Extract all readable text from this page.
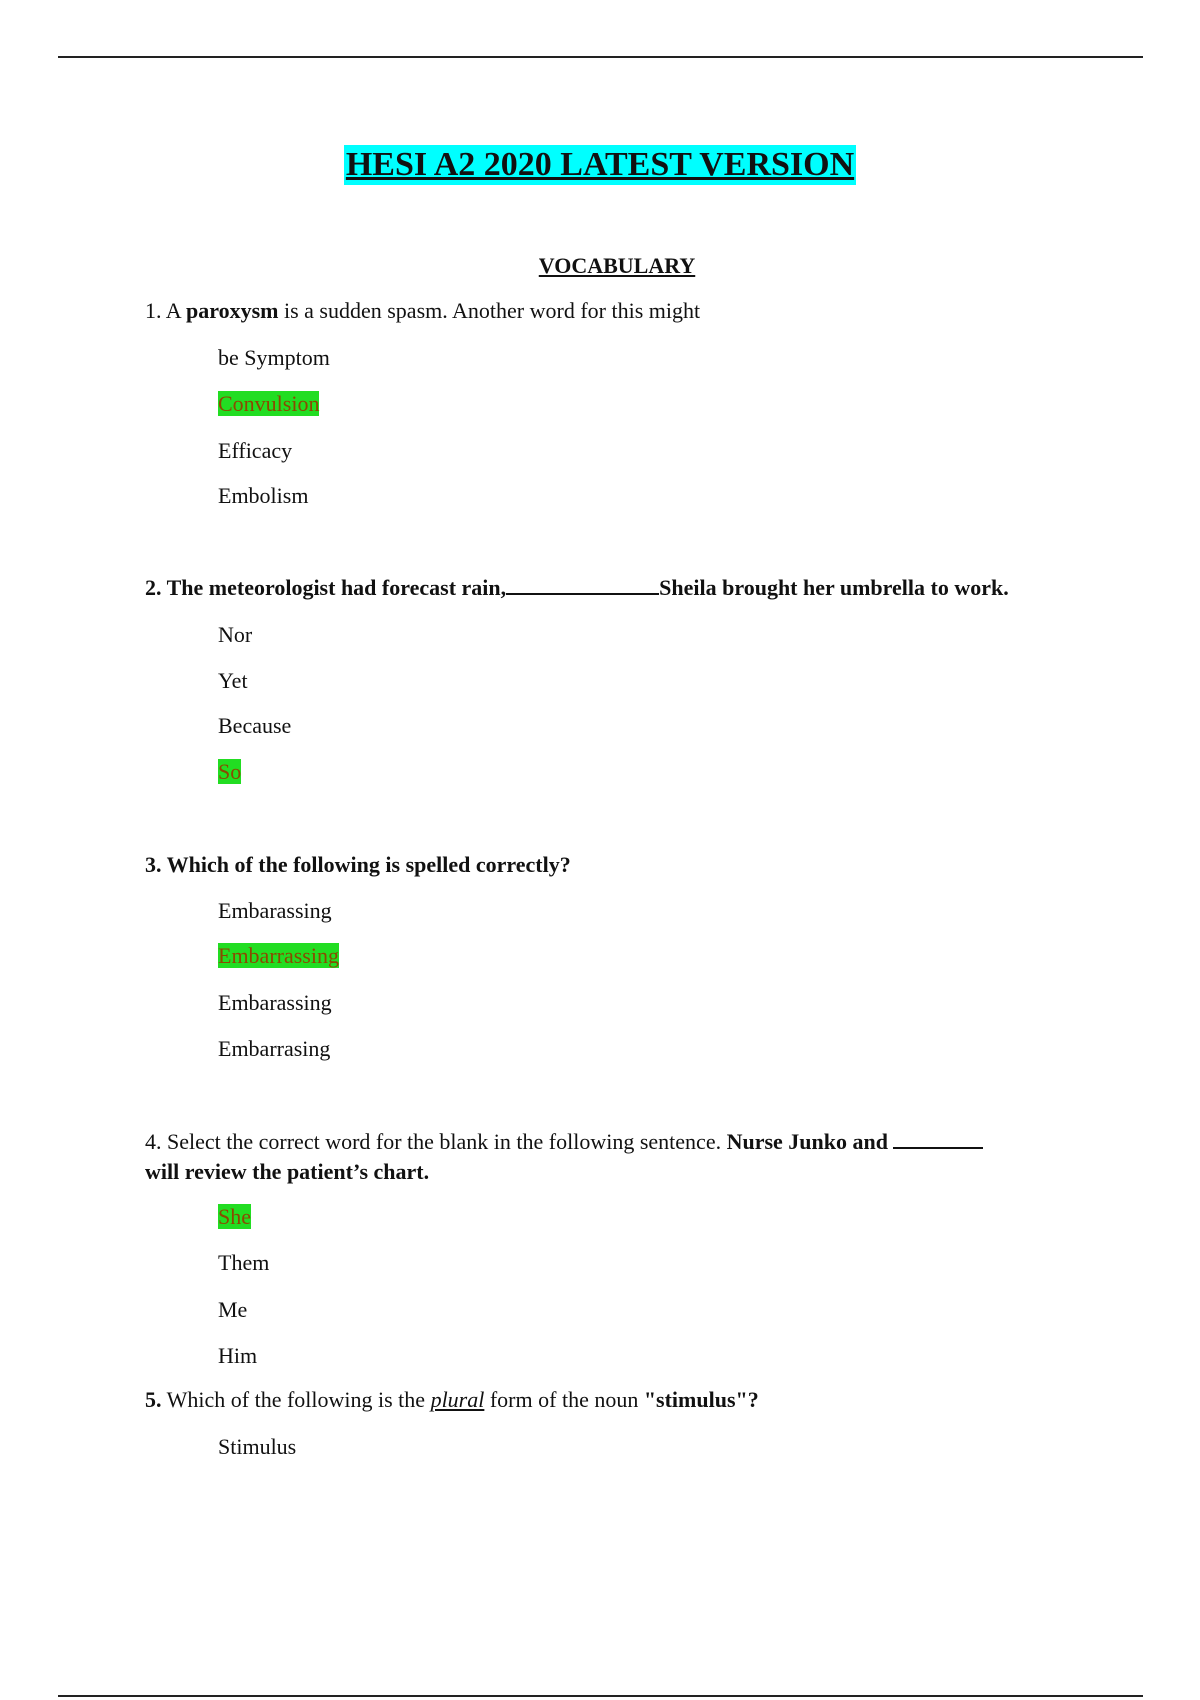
HESI A2 2020 LATEST VERSION
VOCABULARY
1. A paroxysm is a sudden spasm. Another word for this might
be Symptom
Convulsion
Efficacy
Embolism
2. The meteorologist had forecast rain,	Sheila brought her umbrella to work.
Nor
Yet
Because
So
3. Which of the following is spelled correctly?
Embarassing
Embarrassing
Embarassing
Embarrasing
4. Select the correct word for the blank in the following sentence. Nurse Junko and
will review the patient’s chart.
She
Them
Me
Him
5. Which of the following is the plural form of the noun "stimulus"?
Stimulus
